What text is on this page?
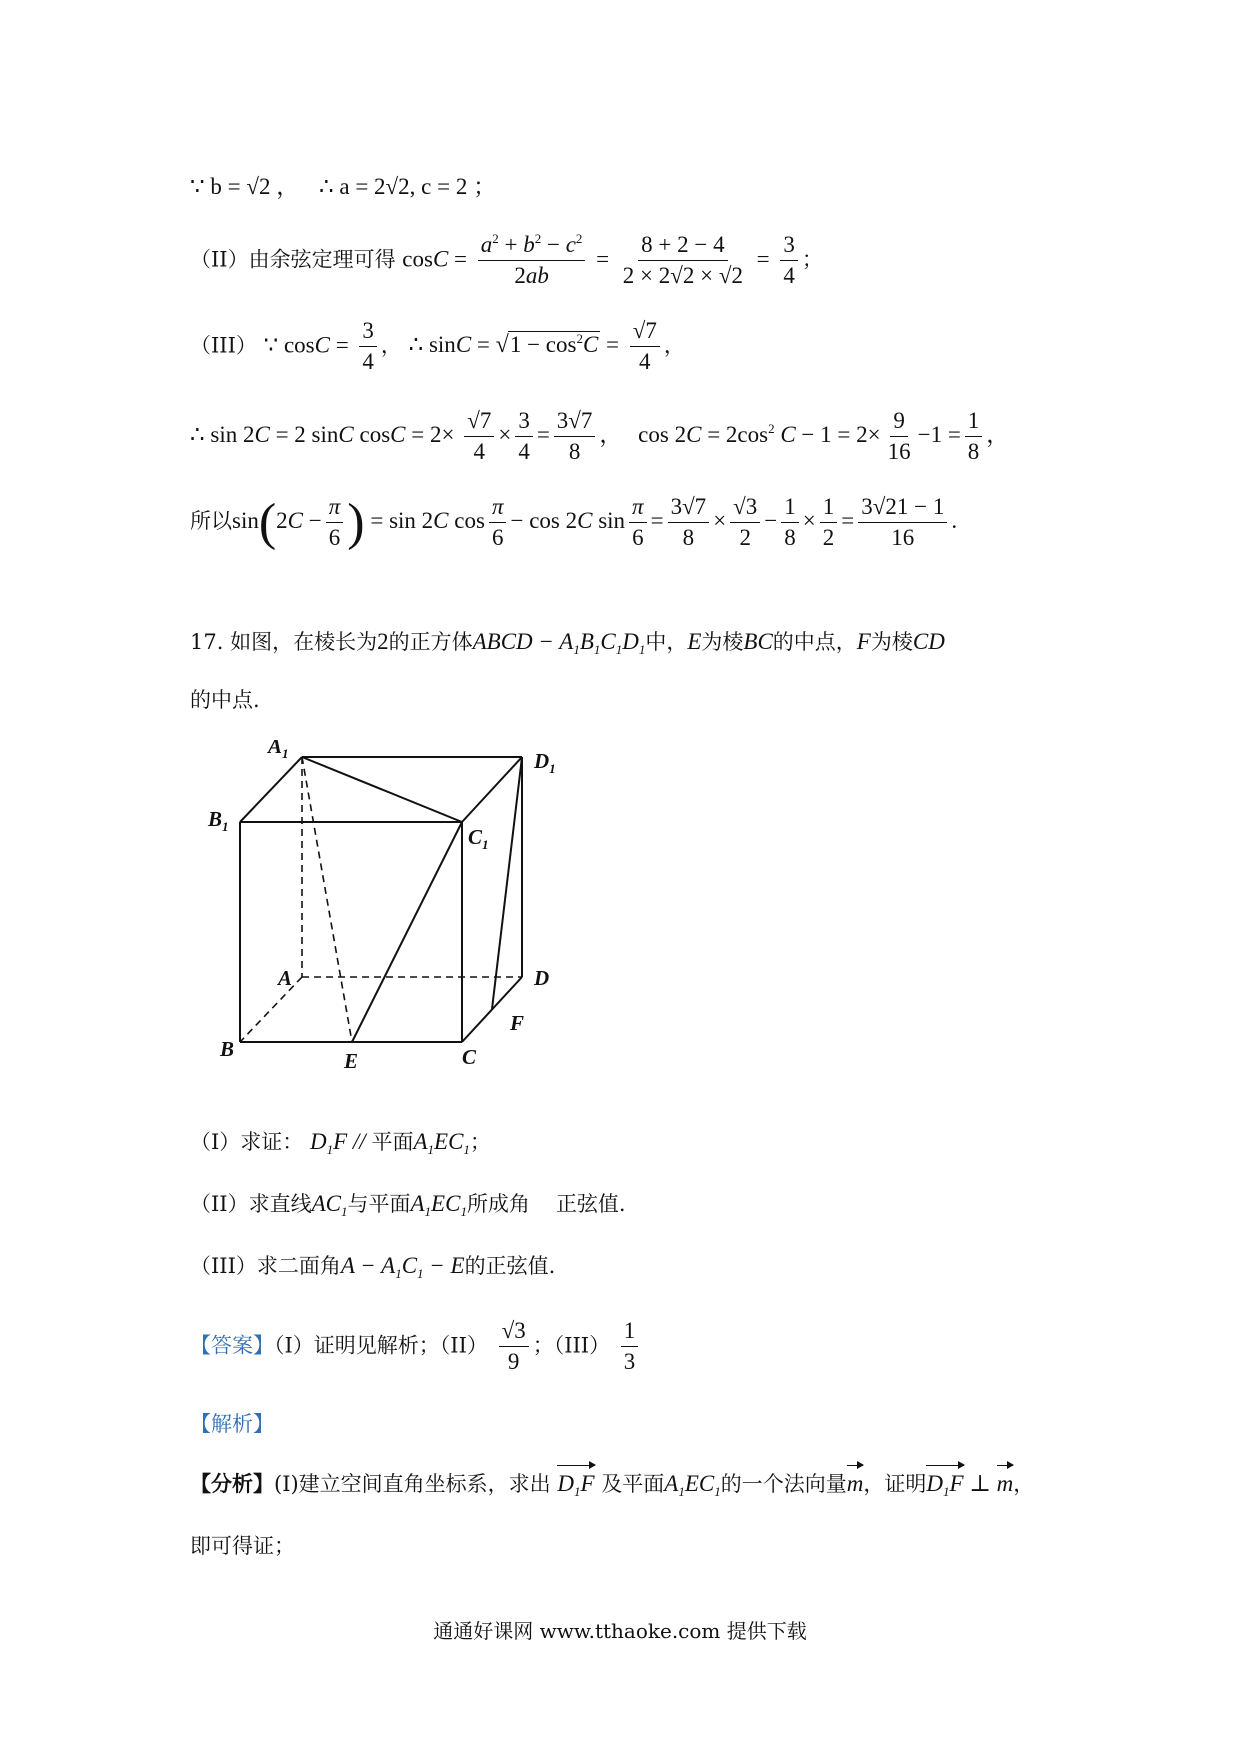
∵ b = √2 ， ∴ a = 2√2, c = 2 ；
（II）由余弦定理可得 $\cos C = \frac{a^2 + b^2 - c^2}{2ab} = \frac{8 + 2 - 4}{2 \times 2√2 \times √2} = \frac{3}{4}$ ；
（III） ∵ $\cos C = \frac{3}{4}$ ， ∴ $\sin C = √1 - \cos^2C = \frac{√7}{4}$ ，
∴ sin 2C = 2 sinC $\cos C = 2\times \frac{√7}{4} \times \frac{3}{4} = \frac{3√7}{8}$ ， $\cos 2C = 2\cos^2$ $C - 1 = 2\times \frac{9}{16} -1 = \frac{1}{8}$ ，
所以$\sin(2C - \frac{\pi}{6}$ ) = sin 2C $\cos \frac{\pi}{6} - \cos 2C$ $\sin \frac{\pi}{6} = \frac{3√7}{8} \times \frac{√3}{2} - \frac{1}{8} \times \frac{1}{2} = \frac{3√21 - 1}{16}$ .
17. 如图，在棱长为2的正方体ABCD − $A_1B_1C_1D_1$中，E为棱BC的中点，F为棱CD
的中点.
$A_1$	$D_1$
$B_1$	$C_1$
A	D
B	E	C
F
（I）求证： $D_1F$ // 平面$A_1EC_1$；
（II）求直线$AC_1$与平面$A_1EC_1$所成角 正弦值.
（III）求二面角$A - A_1C_1 - E$的正弦值.
【答案】（I）证明见解析；$(II) \frac{√3}{9}$ ；$(III) \frac{1}{3}$
【解析】
【分析】(I)建立空间直角坐标系，求出 $D_1F$ 及平面$A_1EC_1$的一个法向量
m，证明
$D_1F$ ⊥
m，
即可得证；
通通好课网 www.tthaoke.com 提供下载
